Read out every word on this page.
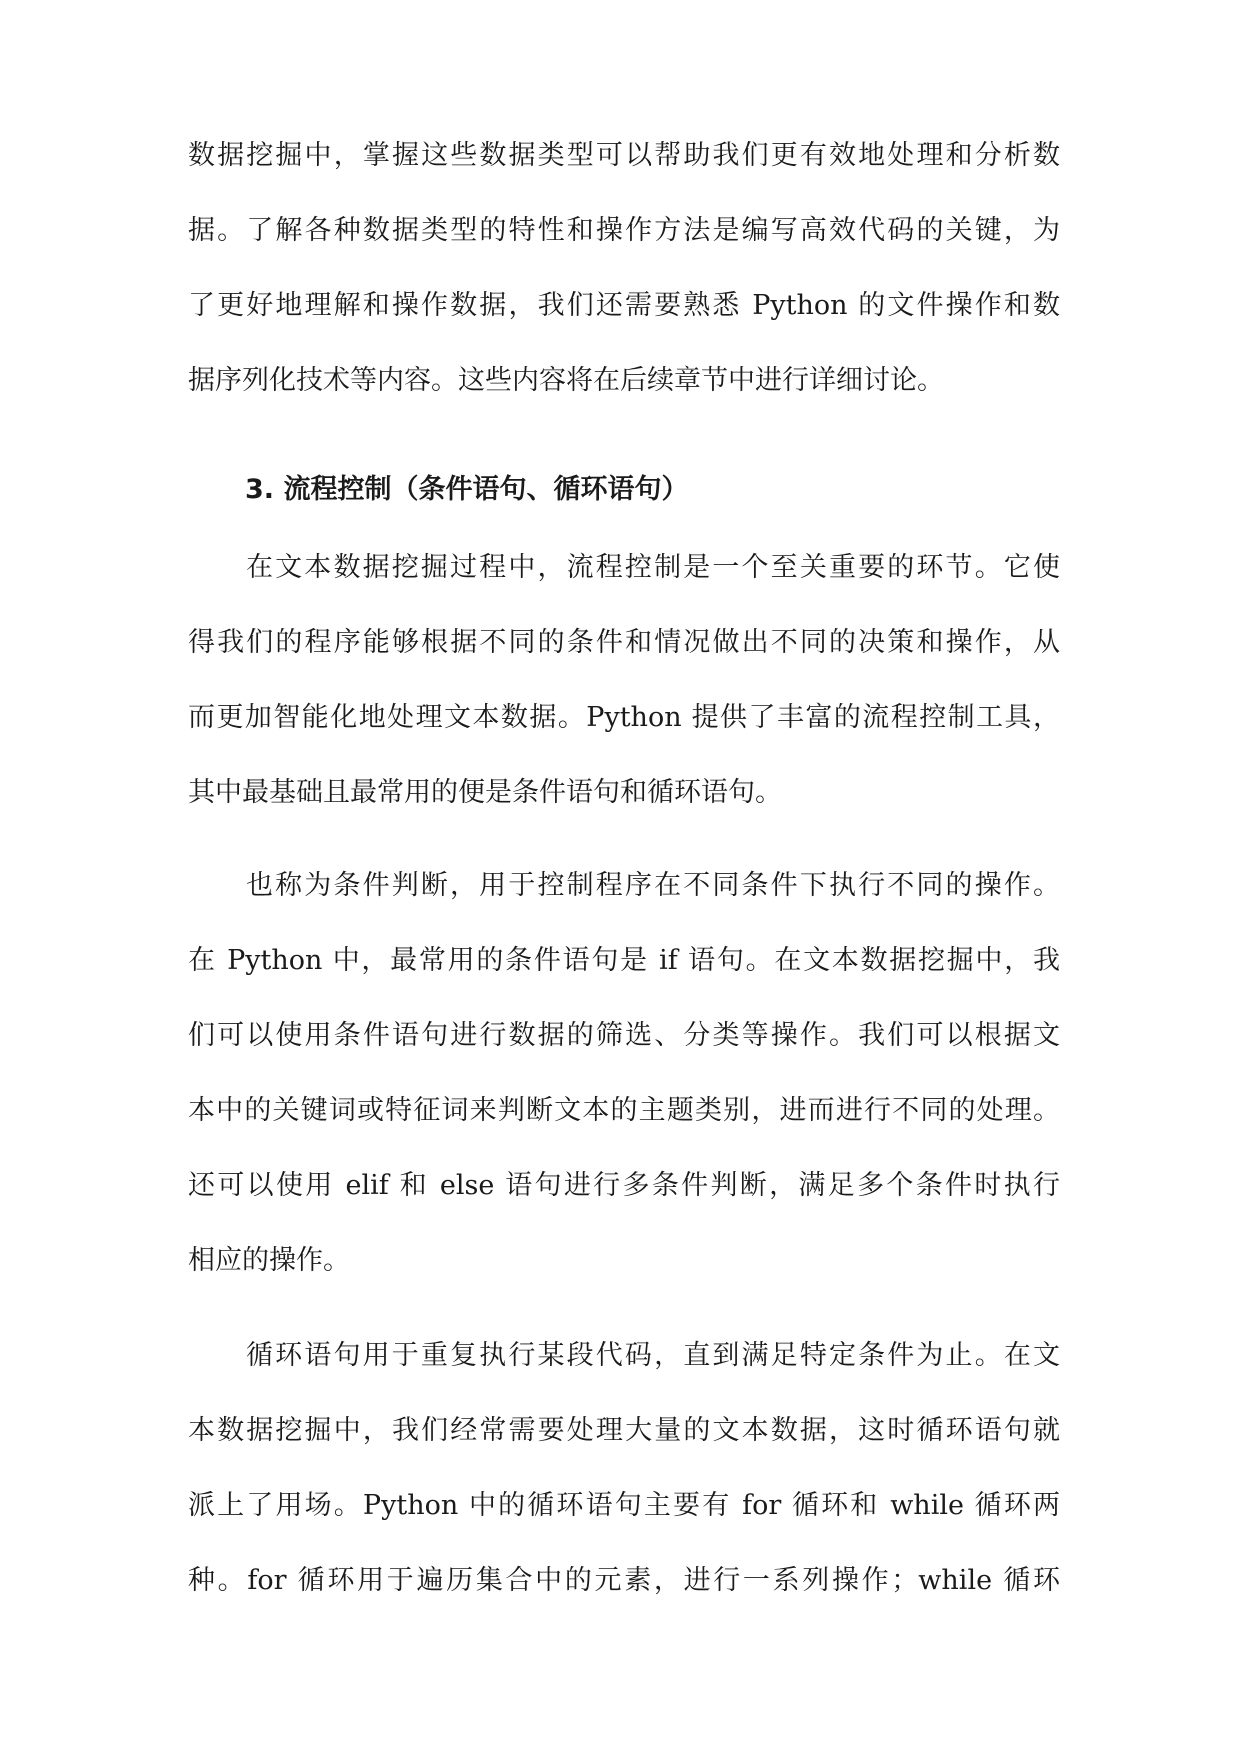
数据挖掘中，掌握这些数据类型可以帮助我们更有效地处理和分析数
据。了解各种数据类型的特性和操作方法是编写高效代码的关键，为
了更好地理解和操作数据，我们还需要熟悉 Python 的文件操作和数
据序列化技术等内容。这些内容将在后续章节中进行详细讨论。
3. 流程控制（条件语句、循环语句）
在文本数据挖掘过程中，流程控制是一个至关重要的环节。它使
得我们的程序能够根据不同的条件和情况做出不同的决策和操作，从
而更加智能化地处理文本数据。Python 提供了丰富的流程控制工具，
其中最基础且最常用的便是条件语句和循环语句。
也称为条件判断，用于控制程序在不同条件下执行不同的操作。
在 Python 中，最常用的条件语句是 if 语句。在文本数据挖掘中，我
们可以使用条件语句进行数据的筛选、分类等操作。我们可以根据文
本中的关键词或特征词来判断文本的主题类别，进而进行不同的处理。
还可以使用 elif 和 else 语句进行多条件判断，满足多个条件时执行
相应的操作。
循环语句用于重复执行某段代码，直到满足特定条件为止。在文
本数据挖掘中，我们经常需要处理大量的文本数据，这时循环语句就
派上了用场。Python 中的循环语句主要有 for 循环和 while 循环两
种。for 循环用于遍历集合中的元素，进行一系列操作；while 循环
